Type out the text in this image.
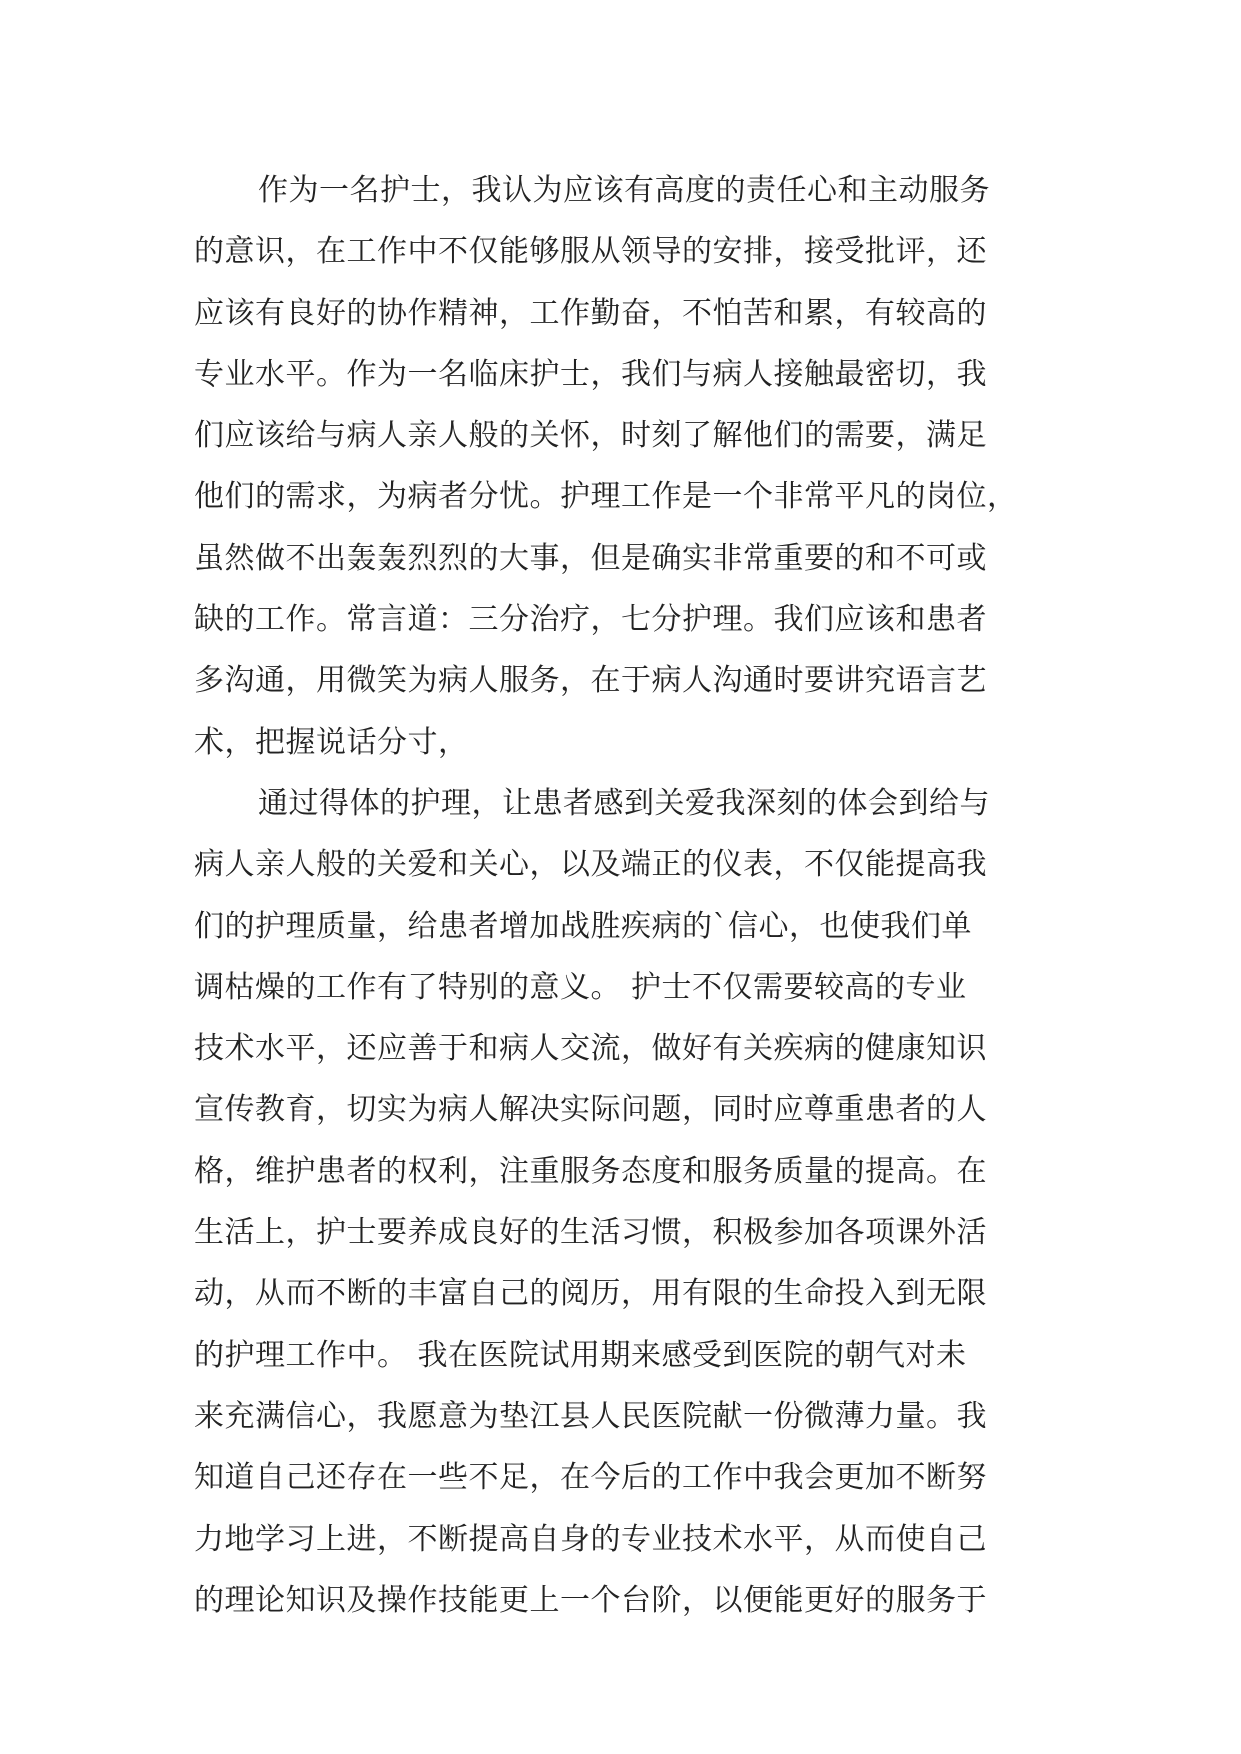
作为一名护士，我认为应该有高度的责任心和主动服务
的意识，在工作中不仅能够服从领导的安排，接受批评，还
应该有良好的协作精神，工作勤奋，不怕苦和累，有较高的
专业水平。作为一名临床护士，我们与病人接触最密切，我
们应该给与病人亲人般的关怀，时刻了解他们的需要，满足
他们的需求，为病者分忧。护理工作是一个非常平凡的岗位，
虽然做不出轰轰烈烈的大事，但是确实非常重要的和不可或
缺的工作。常言道：三分治疗，七分护理。我们应该和患者
多沟通，用微笑为病人服务，在于病人沟通时要讲究语言艺
术，把握说话分寸，
通过得体的护理，让患者感到关爱我深刻的体会到给与
病人亲人般的关爱和关心，以及端正的仪表，不仅能提高我
们的护理质量，给患者增加战胜疾病的`信心，也使我们单
调枯燥的工作有了特别的意义。 护士不仅需要较高的专业
技术水平，还应善于和病人交流，做好有关疾病的健康知识
宣传教育，切实为病人解决实际问题，同时应尊重患者的人
格，维护患者的权利，注重服务态度和服务质量的提高。在
生活上，护士要养成良好的生活习惯，积极参加各项课外活
动，从而不断的丰富自己的阅历，用有限的生命投入到无限
的护理工作中。 我在医院试用期来感受到医院的朝气对未
来充满信心，我愿意为垫江县人民医院献一份微薄力量。我
知道自己还存在一些不足，在今后的工作中我会更加不断努
力地学习上进，不断提高自身的专业技术水平，从而使自己
的理论知识及操作技能更上一个台阶，以便能更好的服务于
